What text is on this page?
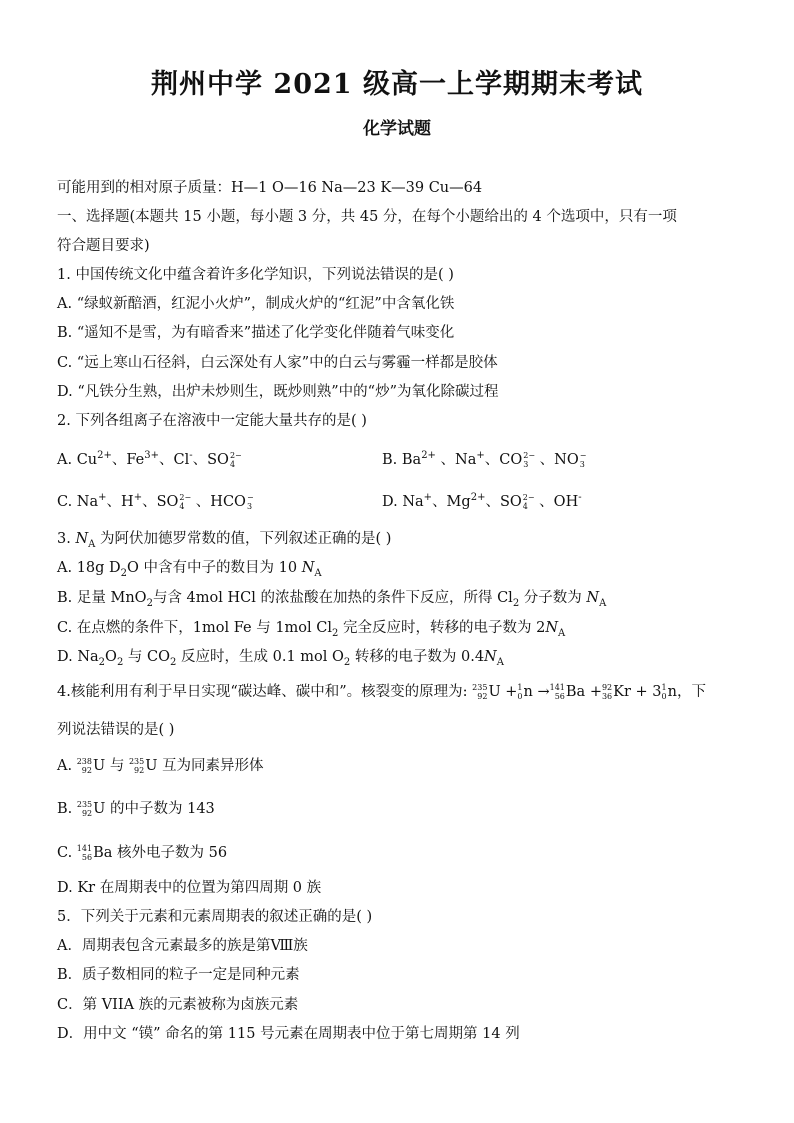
荆州中学 2021 级高一上学期期末考试
化学试题
可能用到的相对原子质量：H—1 O—16 Na—23 K—39 Cu—64
一、选择题(本题共 15 小题，每小题 3 分，共 45 分，在每个小题给出的 4 个选项中，只有一项
符合题目要求)
1. 中国传统文化中蕴含着许多化学知识，下列说法错误的是( )
A. “绿蚁新醅酒，红泥小火炉”，制成火炉的“红泥”中含氧化铁
B. “遥知不是雪，为有暗香来”描述了化学变化伴随着气味变化
C. “远上寒山石径斜，白云深处有人家”中的白云与雾霾一样都是胶体
D. “凡铁分生熟，出炉未炒则生，既炒则熟”中的“炒”为氧化除碳过程
2. 下列各组离子在溶液中一定能大量共存的是( )
A. $Cu^{2+}$、$Fe^{3+}$、Cl-、SO 2−
4	B. $Ba^{2+}$ 、Na+、CO 2−
3 、NO −
3
C. Na+、H+、SO 2−
4 、HCO −
3	D. Na+、$Mg^{2+}$、SO 2−
4 、OH-
3. $N_A$ 为阿伏加德罗常数的值，下列叙述正确的是( )
A. 18g $D_2O$ 中含有中子的数目为 10 $N_A$
B. 足量 MnO$_2$与含 4mol HCl 的浓盐酸在加热的条件下反应，所得 $Cl_2$ 分子数为 $N_A$
C. 在点燃的条件下，1mol Fe 与 1mol $Cl_2$ 完全反应时，转移的电子数为 $2N_A$
D. $Na_2O_2$ 与 $CO_2$ 反应时，生成 0.1 mol $O_2$ 转移的电子数为 $0.4N_A$
4.核能利用有利于早日实现“碳达峰、碳中和”。核裂变的原理为: 235
92 U + 1
0 n → 141
56 Ba + 92
36 Kr + 3 1
0 n，下
列说法错误的是( )
A. 238
92 U 与 235
92 U 互为同素异形体
B. 235
92 U 的中子数为 143
C. 141
56 Ba 核外电子数为 56
D. Kr 在周期表中的位置为第四周期 0 族
5．下列关于元素和元素周期表的叙述正确的是( )
A．周期表包含元素最多的族是第Ⅷ族
B．质子数相同的粒子一定是同种元素
C．第 VIIA 族的元素被称为卤族元素
D．用中文 “镆” 命名的第 115 号元素在周期表中位于第七周期第 14 列
